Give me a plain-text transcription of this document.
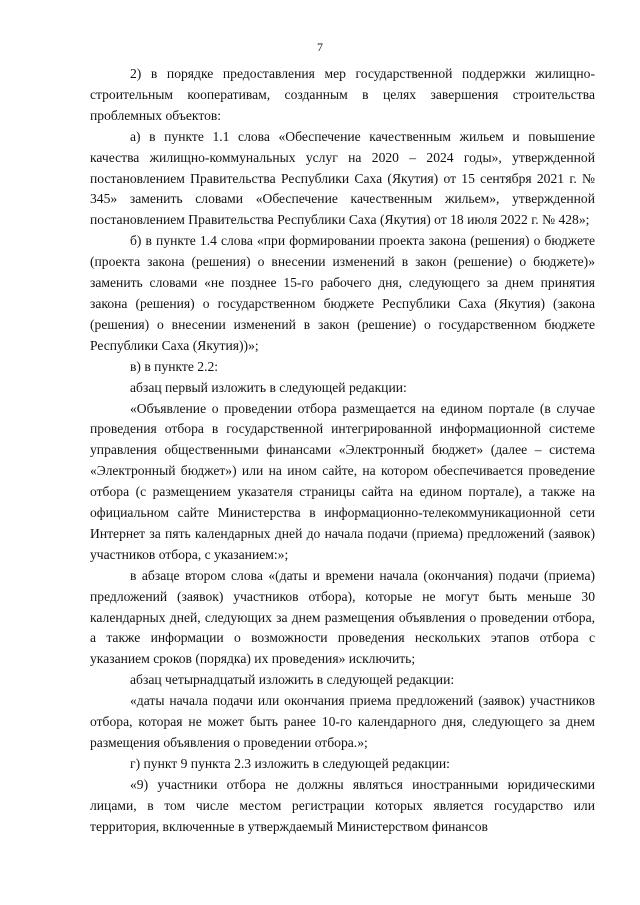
7

2) в порядке предоставления мер государственной поддержки жилищно-строительным кооперативам, созданным в целях завершения строительства проблемных объектов:

а) в пункте 1.1 слова «Обеспечение качественным жильем и повышение качества жилищно-коммунальных услуг на 2020 – 2024 годы», утвержденной постановлением Правительства Республики Саха (Якутия) от 15 сентября 2021 г. № 345» заменить словами «Обеспечение качественным жильем», утвержденной постановлением Правительства Республики Саха (Якутия) от 18 июля 2022 г. № 428»;

б) в пункте 1.4 слова «при формировании проекта закона (решения) о бюджете (проекта закона (решения) о внесении изменений в закон (решение) о бюджете)» заменить словами «не позднее 15-го рабочего дня, следующего за днем принятия закона (решения) о государственном бюджете Республики Саха (Якутия) (закона (решения) о внесении изменений в закон (решение) о государственном бюджете Республики Саха (Якутия))»;

в) в пункте 2.2:

абзац первый изложить в следующей редакции:

«Объявление о проведении отбора размещается на едином портале (в случае проведения отбора в государственной интегрированной информационной системе управления общественными финансами «Электронный бюджет» (далее – система «Электронный бюджет») или на ином сайте, на котором обеспечивается проведение отбора (с размещением указателя страницы сайта на едином портале), а также на официальном сайте Министерства в информационно-телекоммуникационной сети Интернет за пять календарных дней до начала подачи (приема) предложений (заявок) участников отбора, с указанием:»;

в абзаце втором слова «(даты и времени начала (окончания) подачи (приема) предложений (заявок) участников отбора), которые не могут быть меньше 30 календарных дней, следующих за днем размещения объявления о проведении отбора, а также информации о возможности проведения нескольких этапов отбора с указанием сроков (порядка) их проведения» исключить;

абзац четырнадцатый изложить в следующей редакции:

«даты начала подачи или окончания приема предложений (заявок) участников отбора, которая не может быть ранее 10-го календарного дня, следующего за днем размещения объявления о проведении отбора.»;

г) пункт 9 пункта 2.3 изложить в следующей редакции:

«9) участники отбора не должны являться иностранными юридическими лицами, в том числе местом регистрации которых является государство или территория, включенные в утверждаемый Министерством финансов
